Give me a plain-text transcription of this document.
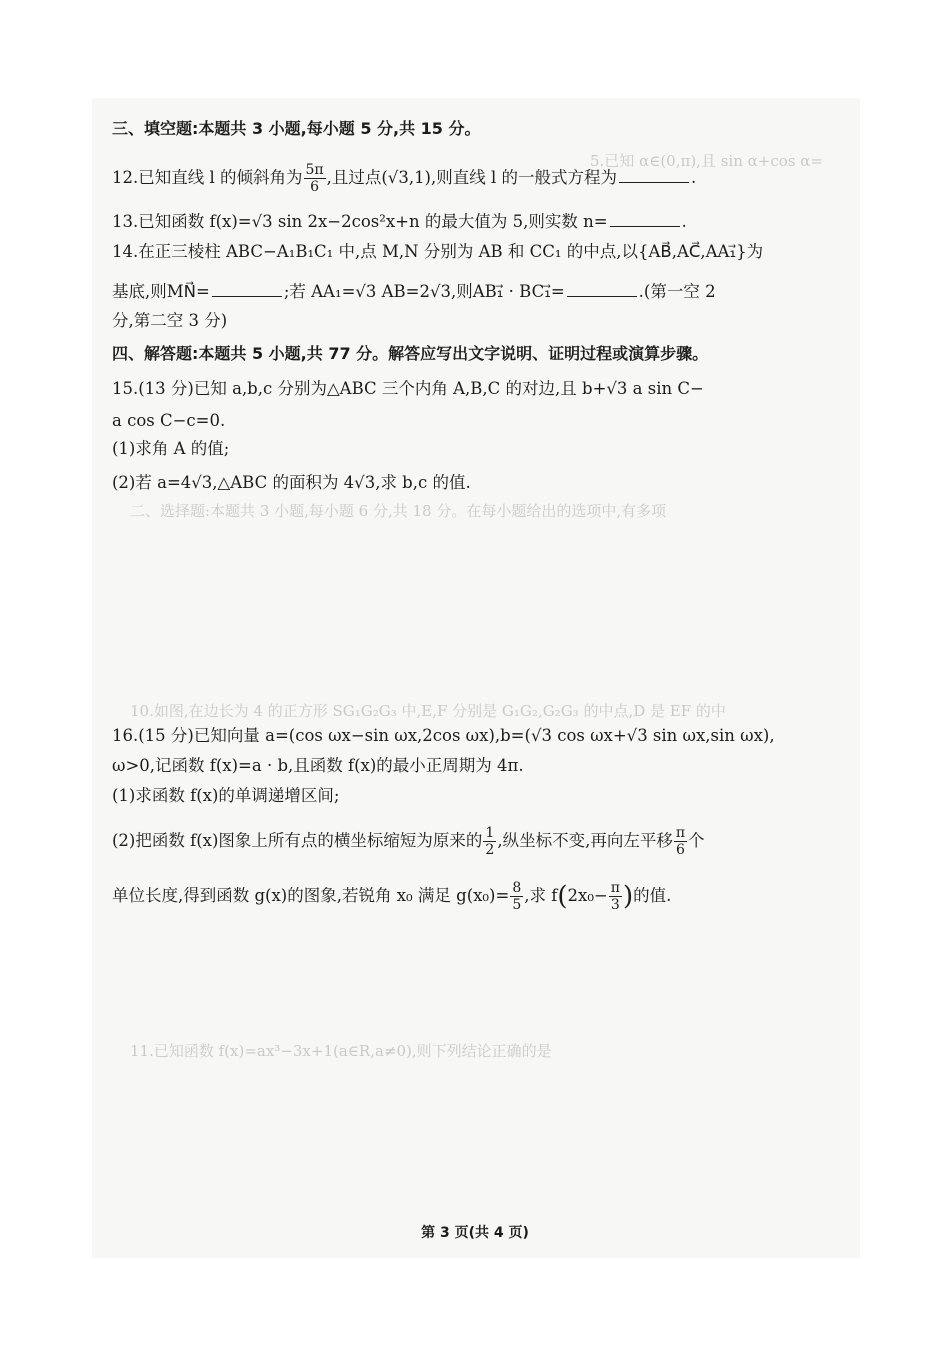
5.已知 α∈(0,π),且 sin α+cos α=
二、选择题:本题共 3 小题,每小题 6 分,共 18 分。在每小题给出的选项中,有多项
10.如图,在边长为 4 的正方形 SG₁G₂G₃ 中,E,F 分别是 G₁G₂,G₂G₃ 的中点,D 是 EF 的中
11.已知函数 f(x)=ax³−3x+1(a∈R,a≠0),则下列结论正确的是
三、填空题:本题共 3 小题,每小题 5 分,共 15 分。
12.已知直线 l 的倾斜角为 $\frac{5\pi}{6}$ ,且过点(√3,1),则直线 l 的一般式方程为	.
13.已知函数 f(x)=√3 sin 2x−2cos²x+n 的最大值为 5,则实数 n=	.
14.在正三棱柱 ABC−A₁B₁C₁ 中,点 M,N 分别为 AB 和 CC₁ 的中点,以{AB⃗,AC⃗,AA₁⃗}为
基底,则MN⃗=	;若 AA₁=√3 AB=2√3,则AB₁⃗ · BC₁⃗=	.(第一空 2
分,第二空 3 分)
四、解答题:本题共 5 小题,共 77 分。解答应写出文字说明、证明过程或演算步骤。
15.(13 分)已知 a,b,c 分别为△ABC 三个内角 A,B,C 的对边,且 b+√3 a sin C−
a cos C−c=0.
(1)求角 A 的值;
(2)若 a=4√3,△ABC 的面积为 4√3,求 b,c 的值.
16.(15 分)已知向量 a=(cos ωx−sin ωx,2cos ωx),b=(√3 cos ωx+√3 sin ωx,sin ωx),
ω>0,记函数 f(x)=a · b,且函数 f(x)的最小正周期为 4π.
(1)求函数 f(x)的单调递增区间;
(2)把函数 f(x)图象上所有点的横坐标缩短为原来的 $\frac{1}{2}$ ,纵坐标不变,再向左平移 $\frac{\pi}{6}$ 个
单位长度,得到函数 g(x)的图象,若锐角 x₀ 满足 $g(x_0)= \frac{8}{5}$ ,求 $f(2x_0- \frac{\pi}{3}$ )的值.
第 3 页(共 4 页)
